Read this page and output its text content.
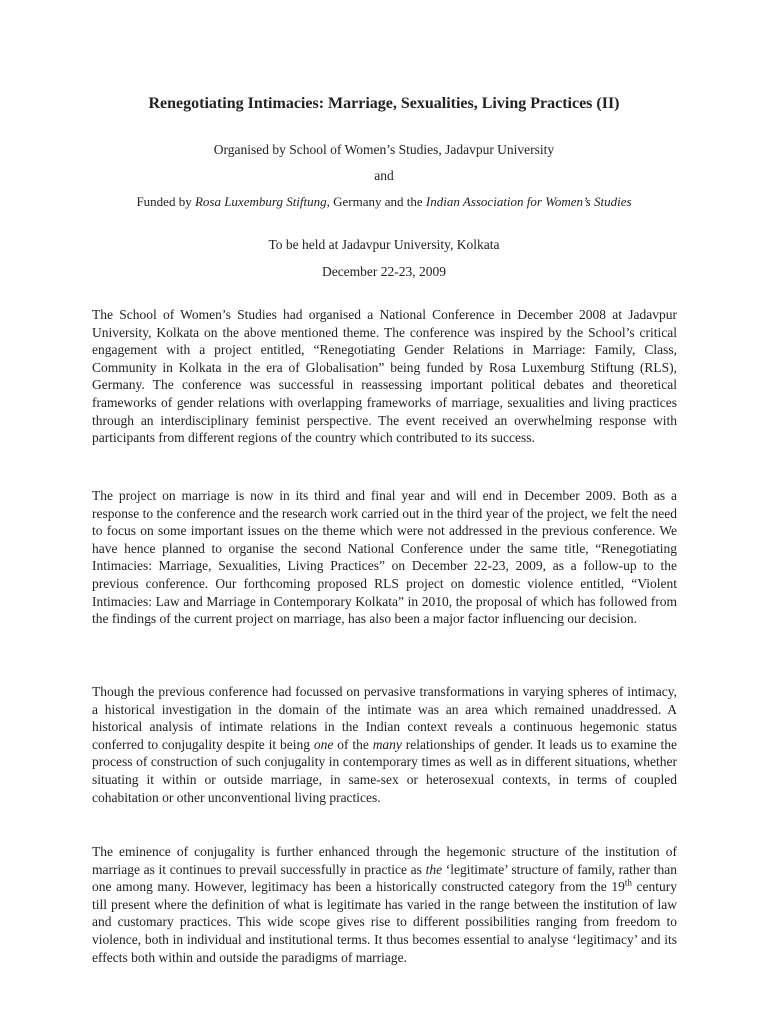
Renegotiating Intimacies: Marriage, Sexualities, Living Practices (II)

Organised by School of Women’s Studies, Jadavpur University

and

Funded by Rosa Luxemburg Stiftung, Germany and the Indian Association for Women’s Studies

To be held at Jadavpur University, Kolkata

December 22-23, 2009

The School of Women’s Studies had organised a National Conference in December 2008 at Jadavpur University, Kolkata on the above mentioned theme. The conference was inspired by the School’s critical engagement with a project entitled, “Renegotiating Gender Relations in Marriage: Family, Class, Community in Kolkata in the era of Globalisation” being funded by Rosa Luxemburg Stiftung (RLS), Germany. The conference was successful in reassessing important political debates and theoretical frameworks of gender relations with overlapping frameworks of marriage, sexualities and living practices through an interdisciplinary feminist perspective. The event received an overwhelming response with participants from different regions of the country which contributed to its success.

The project on marriage is now in its third and final year and will end in December 2009. Both as a response to the conference and the research work carried out in the third year of the project, we felt the need to focus on some important issues on the theme which were not addressed in the previous conference. We have hence planned to organise the second National Conference under the same title, “Renegotiating Intimacies: Marriage, Sexualities, Living Practices” on December 22-23, 2009, as a follow-up to the previous conference. Our forthcoming proposed RLS project on domestic violence entitled, “Violent Intimacies: Law and Marriage in Contemporary Kolkata” in 2010, the proposal of which has followed from the findings of the current project on marriage, has also been a major factor influencing our decision.

Though the previous conference had focussed on pervasive transformations in varying spheres of intimacy, a historical investigation in the domain of the intimate was an area which remained unaddressed. A historical analysis of intimate relations in the Indian context reveals a continuous hegemonic status conferred to conjugality despite it being one of the many relationships of gender. It leads us to examine the process of construction of such conjugality in contemporary times as well as in different situations, whether situating it within or outside marriage, in same-sex or heterosexual contexts, in terms of coupled cohabitation or other unconventional living practices.

The eminence of conjugality is further enhanced through the hegemonic structure of the institution of marriage as it continues to prevail successfully in practice as the ‘legitimate’ structure of family, rather than one among many. However, legitimacy has been a historically constructed category from the 19th century till present where the definition of what is legitimate has varied in the range between the institution of law and customary practices. This wide scope gives rise to different possibilities ranging from freedom to violence, both in individual and institutional terms. It thus becomes essential to analyse ‘legitimacy’ and its effects both within and outside the paradigms of marriage.
